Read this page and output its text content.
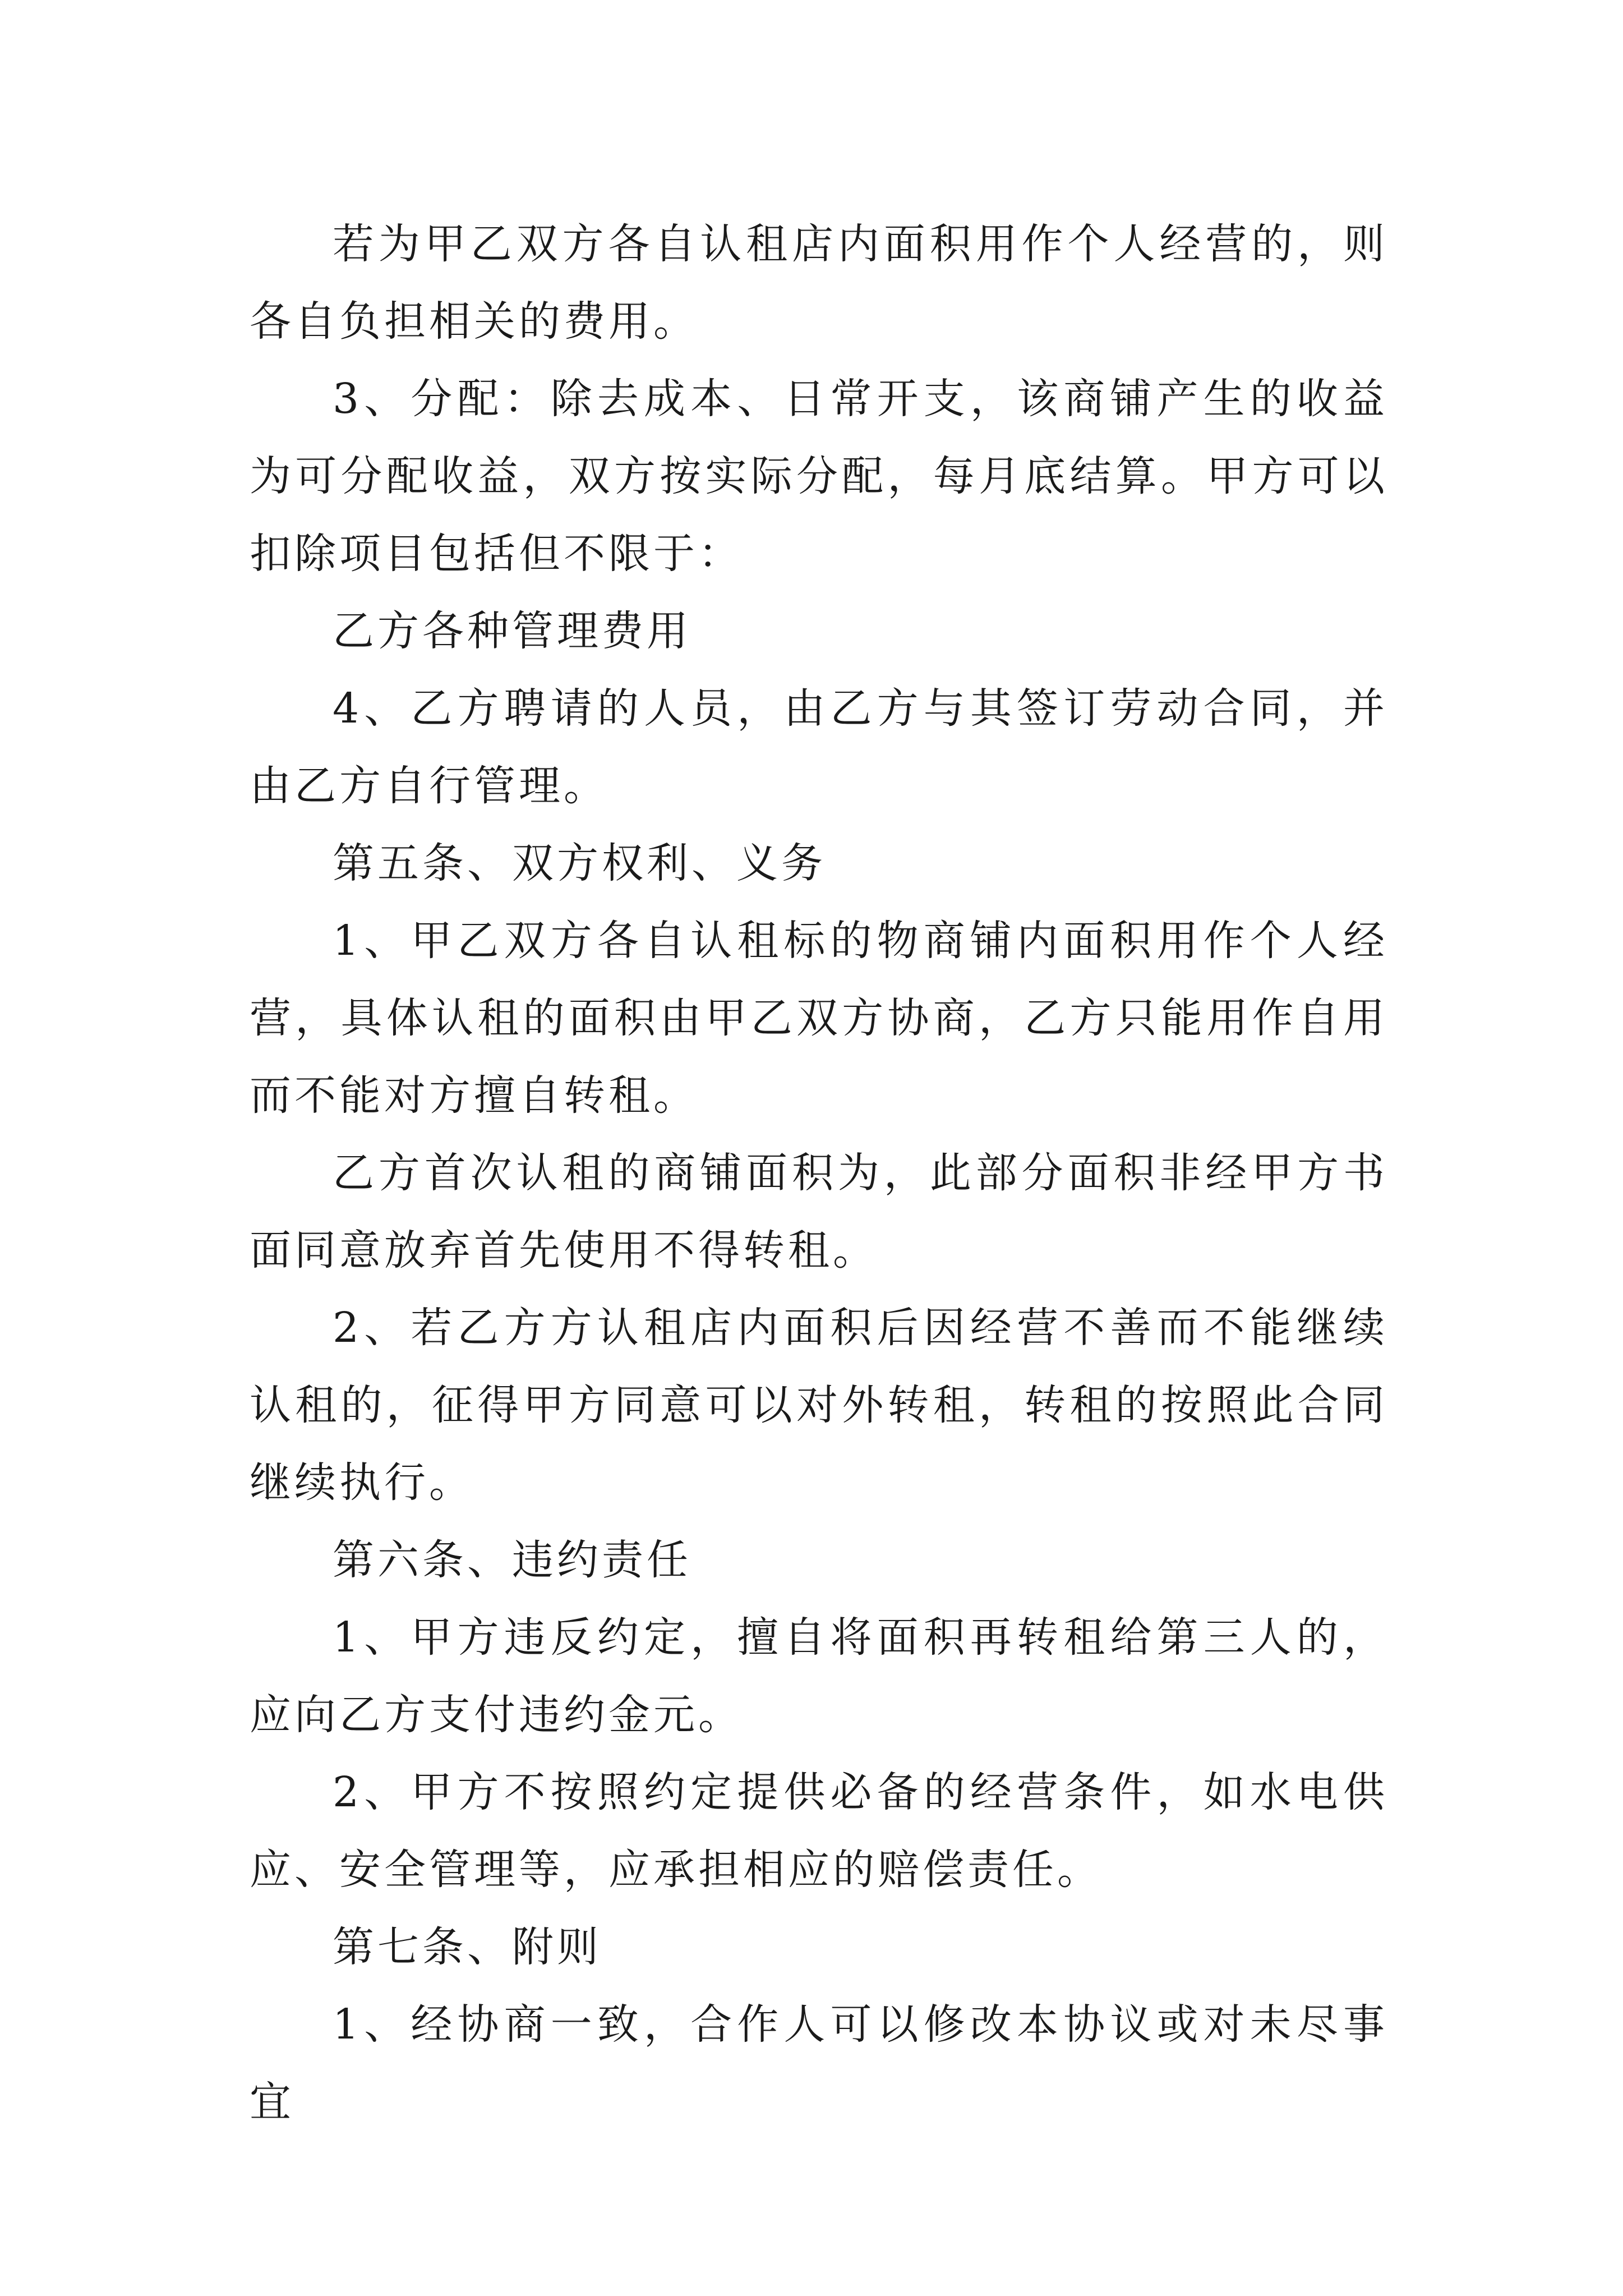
若为甲乙双方各自认租店内面积用作个人经营的，则各自负担相关的费用。

3、分配：除去成本、日常开支，该商铺产生的收益为可分配收益，双方按实际分配，每月底结算。甲方可以扣除项目包括但不限于：

乙方各种管理费用

4、乙方聘请的人员，由乙方与其签订劳动合同，并由乙方自行管理。

第五条、双方权利、义务

1、甲乙双方各自认租标的物商铺内面积用作个人经营，具体认租的面积由甲乙双方协商，乙方只能用作自用而不能对方擅自转租。

乙方首次认租的商铺面积为，此部分面积非经甲方书面同意放弃首先使用不得转租。

2、若乙方方认租店内面积后因经营不善而不能继续认租的，征得甲方同意可以对外转租，转租的按照此合同继续执行。

第六条、违约责任

1、甲方违反约定，擅自将面积再转租给第三人的，应向乙方支付违约金元。

2、甲方不按照约定提供必备的经营条件，如水电供应、安全管理等，应承担相应的赔偿责任。

第七条、附则

1、经协商一致，合作人可以修改本协议或对未尽事宜
